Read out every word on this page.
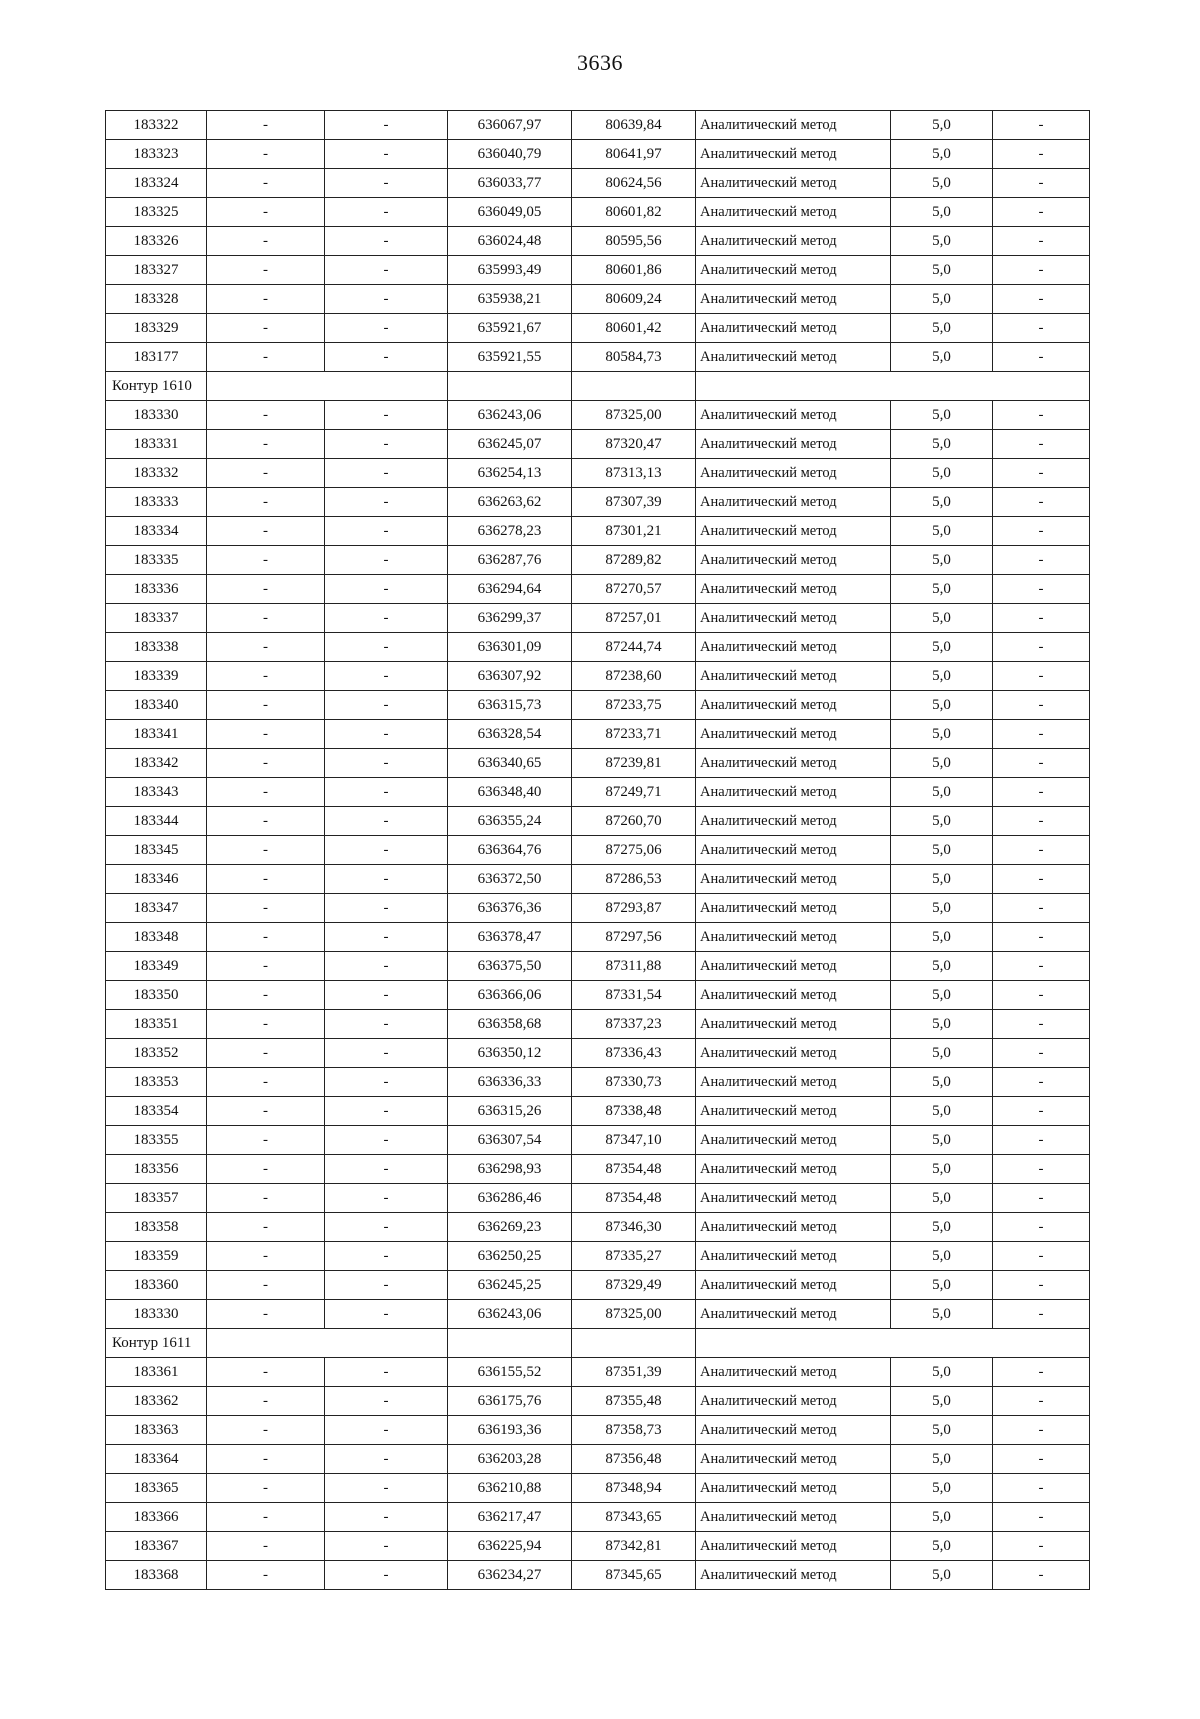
3636
183322	-	-	636067,97	80639,84	Аналитический метод	5,0	-
183323	-	-	636040,79	80641,97	Аналитический метод	5,0	-
183324	-	-	636033,77	80624,56	Аналитический метод	5,0	-
183325	-	-	636049,05	80601,82	Аналитический метод	5,0	-
183326	-	-	636024,48	80595,56	Аналитический метод	5,0	-
183327	-	-	635993,49	80601,86	Аналитический метод	5,0	-
183328	-	-	635938,21	80609,24	Аналитический метод	5,0	-
183329	-	-	635921,67	80601,42	Аналитический метод	5,0	-
183177	-	-	635921,55	80584,73	Аналитический метод	5,0	-
Контур 1610							
183330	-	-	636243,06	87325,00	Аналитический метод	5,0	-
183331	-	-	636245,07	87320,47	Аналитический метод	5,0	-
183332	-	-	636254,13	87313,13	Аналитический метод	5,0	-
183333	-	-	636263,62	87307,39	Аналитический метод	5,0	-
183334	-	-	636278,23	87301,21	Аналитический метод	5,0	-
183335	-	-	636287,76	87289,82	Аналитический метод	5,0	-
183336	-	-	636294,64	87270,57	Аналитический метод	5,0	-
183337	-	-	636299,37	87257,01	Аналитический метод	5,0	-
183338	-	-	636301,09	87244,74	Аналитический метод	5,0	-
183339	-	-	636307,92	87238,60	Аналитический метод	5,0	-
183340	-	-	636315,73	87233,75	Аналитический метод	5,0	-
183341	-	-	636328,54	87233,71	Аналитический метод	5,0	-
183342	-	-	636340,65	87239,81	Аналитический метод	5,0	-
183343	-	-	636348,40	87249,71	Аналитический метод	5,0	-
183344	-	-	636355,24	87260,70	Аналитический метод	5,0	-
183345	-	-	636364,76	87275,06	Аналитический метод	5,0	-
183346	-	-	636372,50	87286,53	Аналитический метод	5,0	-
183347	-	-	636376,36	87293,87	Аналитический метод	5,0	-
183348	-	-	636378,47	87297,56	Аналитический метод	5,0	-
183349	-	-	636375,50	87311,88	Аналитический метод	5,0	-
183350	-	-	636366,06	87331,54	Аналитический метод	5,0	-
183351	-	-	636358,68	87337,23	Аналитический метод	5,0	-
183352	-	-	636350,12	87336,43	Аналитический метод	5,0	-
183353	-	-	636336,33	87330,73	Аналитический метод	5,0	-
183354	-	-	636315,26	87338,48	Аналитический метод	5,0	-
183355	-	-	636307,54	87347,10	Аналитический метод	5,0	-
183356	-	-	636298,93	87354,48	Аналитический метод	5,0	-
183357	-	-	636286,46	87354,48	Аналитический метод	5,0	-
183358	-	-	636269,23	87346,30	Аналитический метод	5,0	-
183359	-	-	636250,25	87335,27	Аналитический метод	5,0	-
183360	-	-	636245,25	87329,49	Аналитический метод	5,0	-
183330	-	-	636243,06	87325,00	Аналитический метод	5,0	-
Контур 1611							
183361	-	-	636155,52	87351,39	Аналитический метод	5,0	-
183362	-	-	636175,76	87355,48	Аналитический метод	5,0	-
183363	-	-	636193,36	87358,73	Аналитический метод	5,0	-
183364	-	-	636203,28	87356,48	Аналитический метод	5,0	-
183365	-	-	636210,88	87348,94	Аналитический метод	5,0	-
183366	-	-	636217,47	87343,65	Аналитический метод	5,0	-
183367	-	-	636225,94	87342,81	Аналитический метод	5,0	-
183368	-	-	636234,27	87345,65	Аналитический метод	5,0	-
